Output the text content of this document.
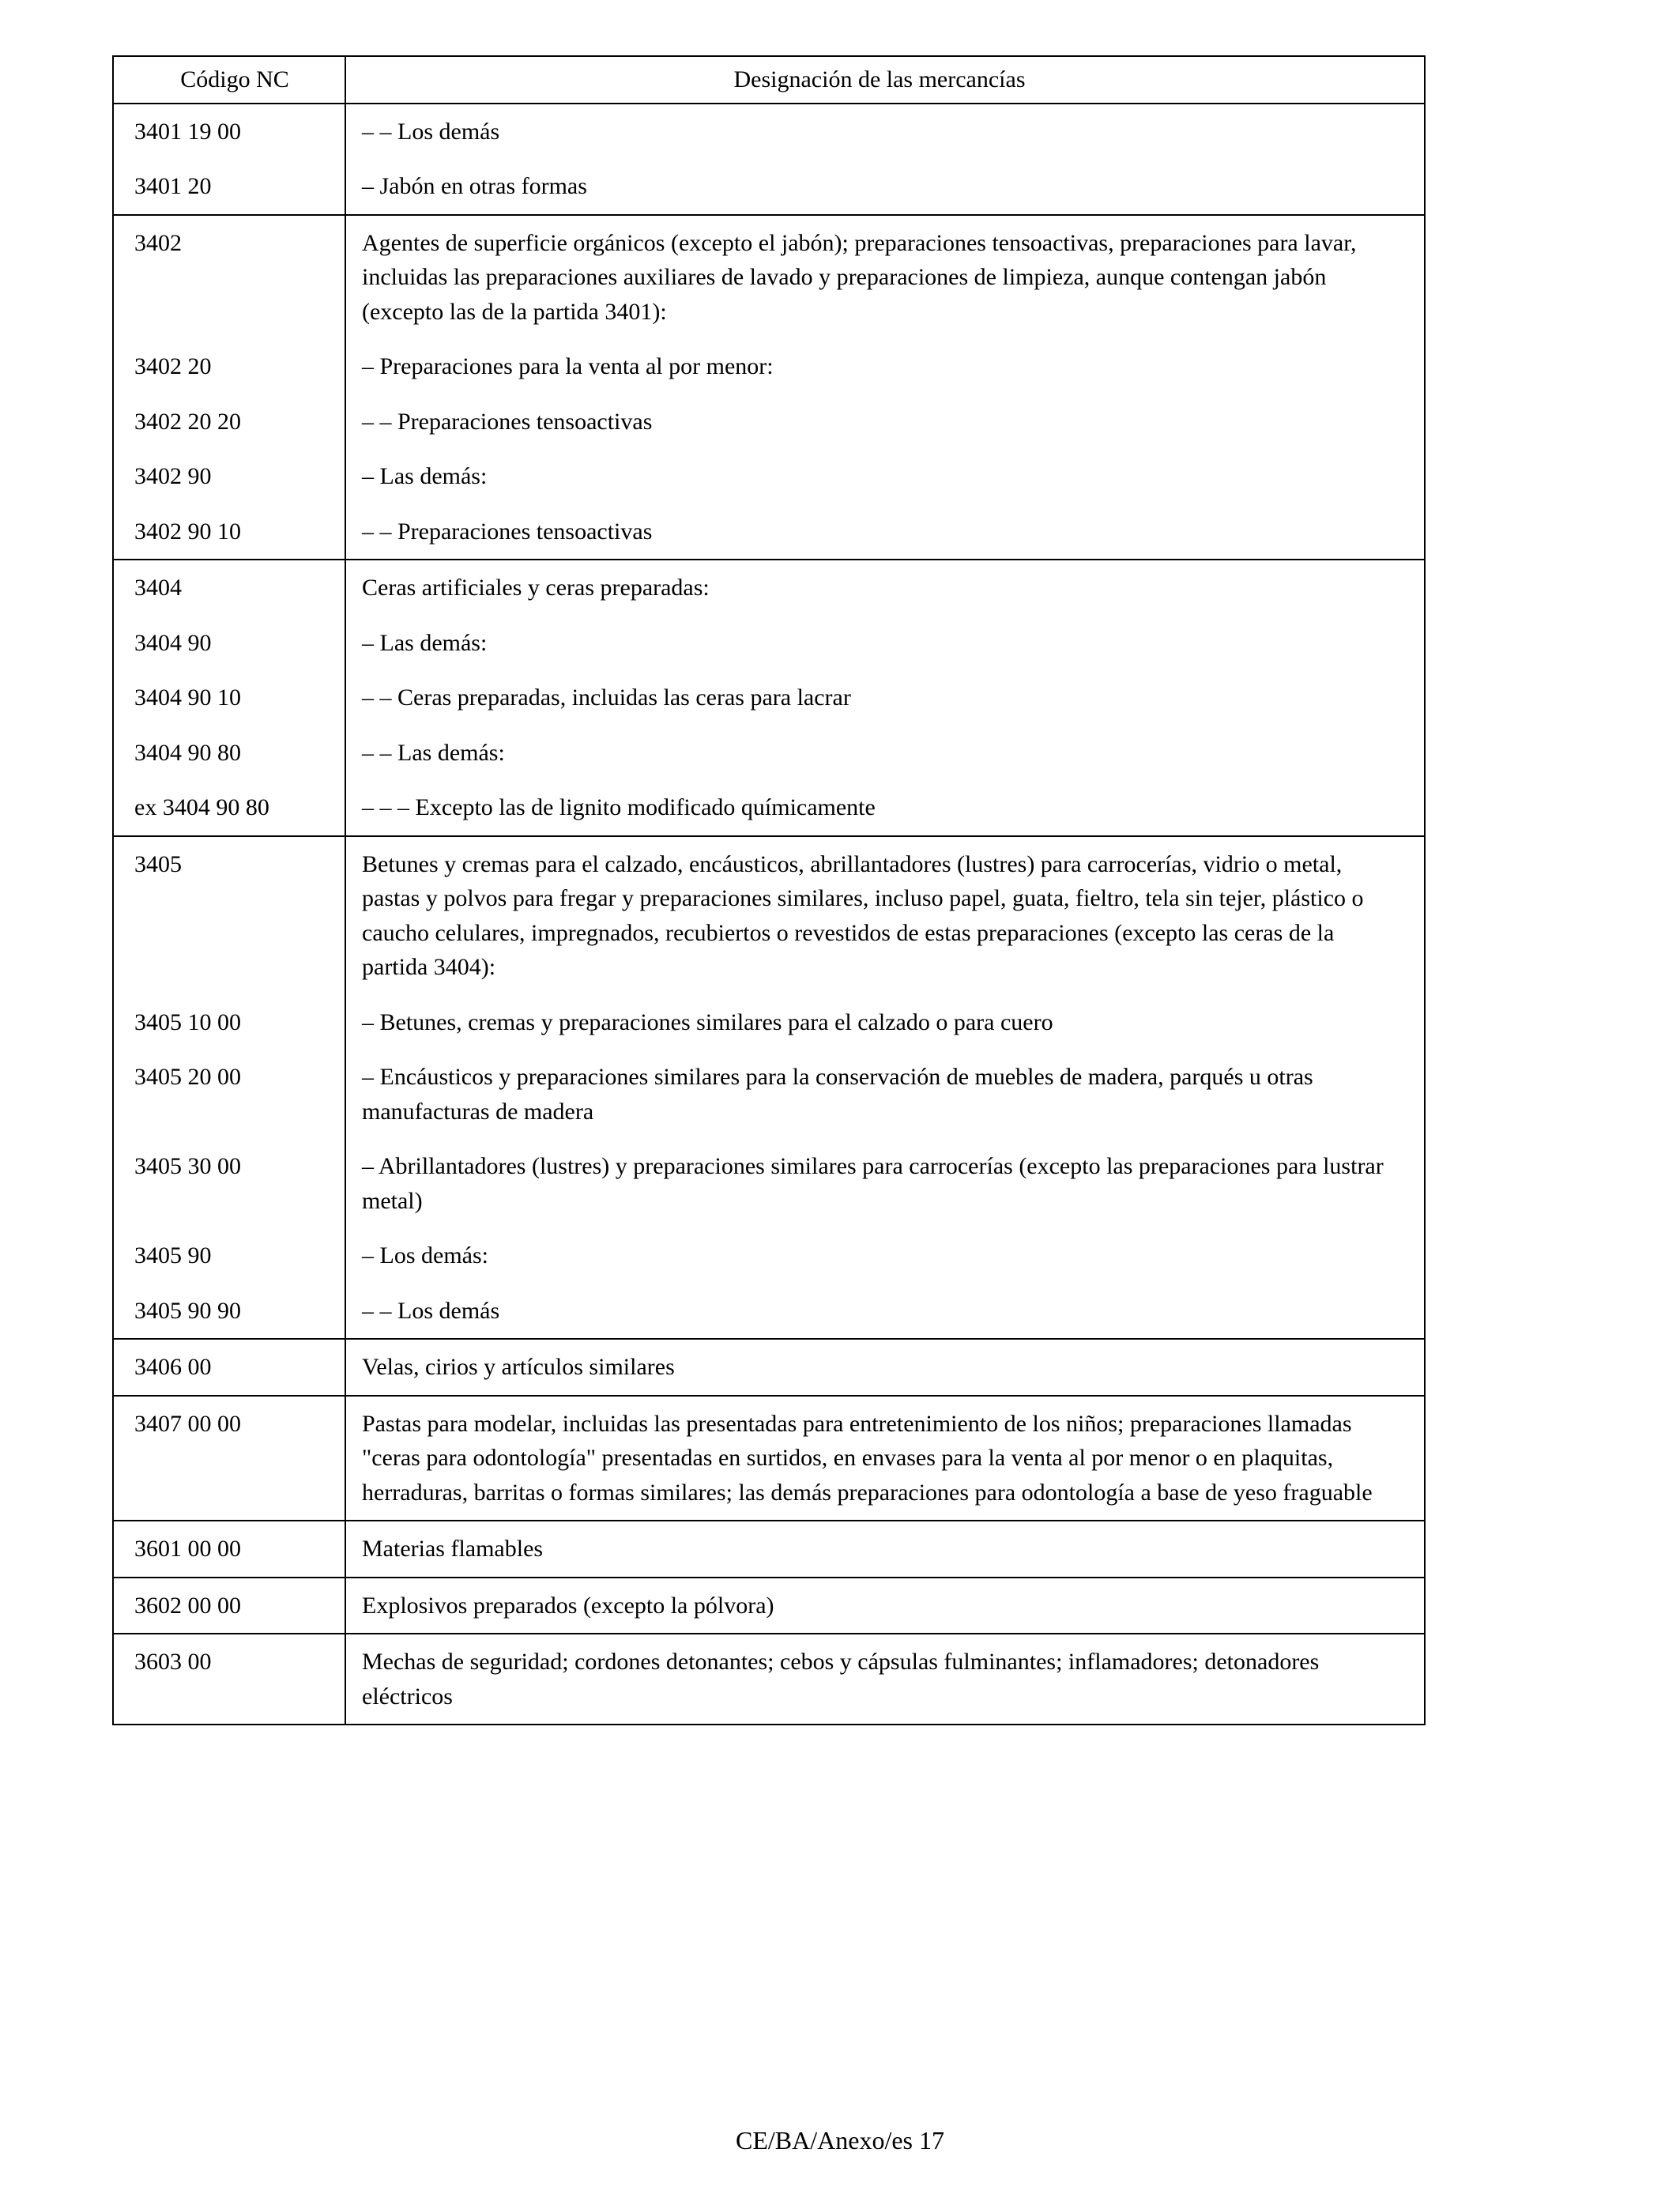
Código NC	Designación de las mercancías
3401 19 00	– – Los demás
3401 20	– Jabón en otras formas
3402	Agentes de superficie orgánicos (excepto el jabón); preparaciones tensoactivas, preparaciones para lavar, incluidas las preparaciones auxiliares de lavado y preparaciones de limpieza, aunque contengan jabón (excepto las de la partida 3401):
3402 20	– Preparaciones para la venta al por menor:
3402 20 20	– – Preparaciones tensoactivas
3402 90	– Las demás:
3402 90 10	– – Preparaciones tensoactivas
3404	Ceras artificiales y ceras preparadas:
3404 90	– Las demás:
3404 90 10	– – Ceras preparadas, incluidas las ceras para lacrar
3404 90 80	– – Las demás:
ex 3404 90 80	– – – Excepto las de lignito modificado químicamente
3405	Betunes y cremas para el calzado, encáusticos, abrillantadores (lustres) para carrocerías, vidrio o metal, pastas y polvos para fregar y preparaciones similares, incluso papel, guata, fieltro, tela sin tejer, plástico o caucho celulares, impregnados, recubiertos o revestidos de estas preparaciones (excepto las ceras de la partida 3404):
3405 10 00	– Betunes, cremas y preparaciones similares para el calzado o para cuero
3405 20 00	– Encáusticos y preparaciones similares para la conservación de muebles de madera, parqués u otras manufacturas de madera
3405 30 00	– Abrillantadores (lustres) y preparaciones similares para carrocerías (excepto las preparaciones para lustrar metal)
3405 90	– Los demás:
3405 90 90	– – Los demás
3406 00	Velas, cirios y artículos similares
3407 00 00	Pastas para modelar, incluidas las presentadas para entretenimiento de los niños; preparaciones llamadas "ceras para odontología" presentadas en surtidos, en envases para la venta al por menor o en plaquitas, herraduras, barritas o formas similares; las demás preparaciones para odontología a base de yeso fraguable
3601 00 00	Materias flamables
3602 00 00	Explosivos preparados (excepto la pólvora)
3603 00	Mechas de seguridad; cordones detonantes; cebos y cápsulas fulminantes; inflamadores; detonadores eléctricos
CE/BA/Anexo/es 17
